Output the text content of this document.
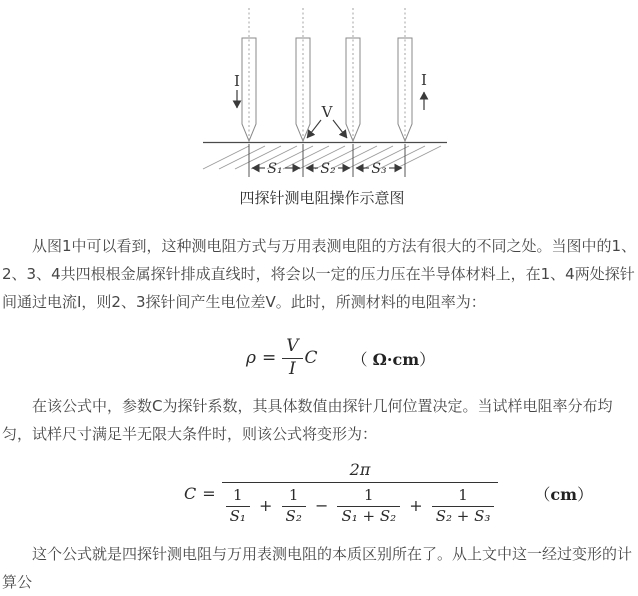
I	I
V
S₁	S₂	S₃
四探针测电阻操作示意图

从图1中可以看到，这种测电阻方式与万用表测电阻的方法有很大的不同之处。当图中的1、2、3、4共四根根金属探针排成直线时，将会以一定的压力压在半导体材料上，在1、4两处探针间通过电流I，则2、3探针间产生电位差V。此时，所测材料的电阻率为：

$\rho = \frac{V}{I}$ C （ Ω·cm）

在该公式中，参数C为探针系数，其具体数值由探针几何位置决定。当试样电阻率分布均匀，试样尺寸满足半无限大条件时，则该公式将变形为：

C =
2π
$\frac{1}{\text{S₁}} + \frac{1}{\text{S₂}} - \frac{1}{\text{S₁ + S₂}} + \frac{1}{\text{S₂ + S₃}}$	（cm）

这个公式就是四探针测电阻与万用表测电阻的本质区别所在了。从上文中这一经过变形的计算公
